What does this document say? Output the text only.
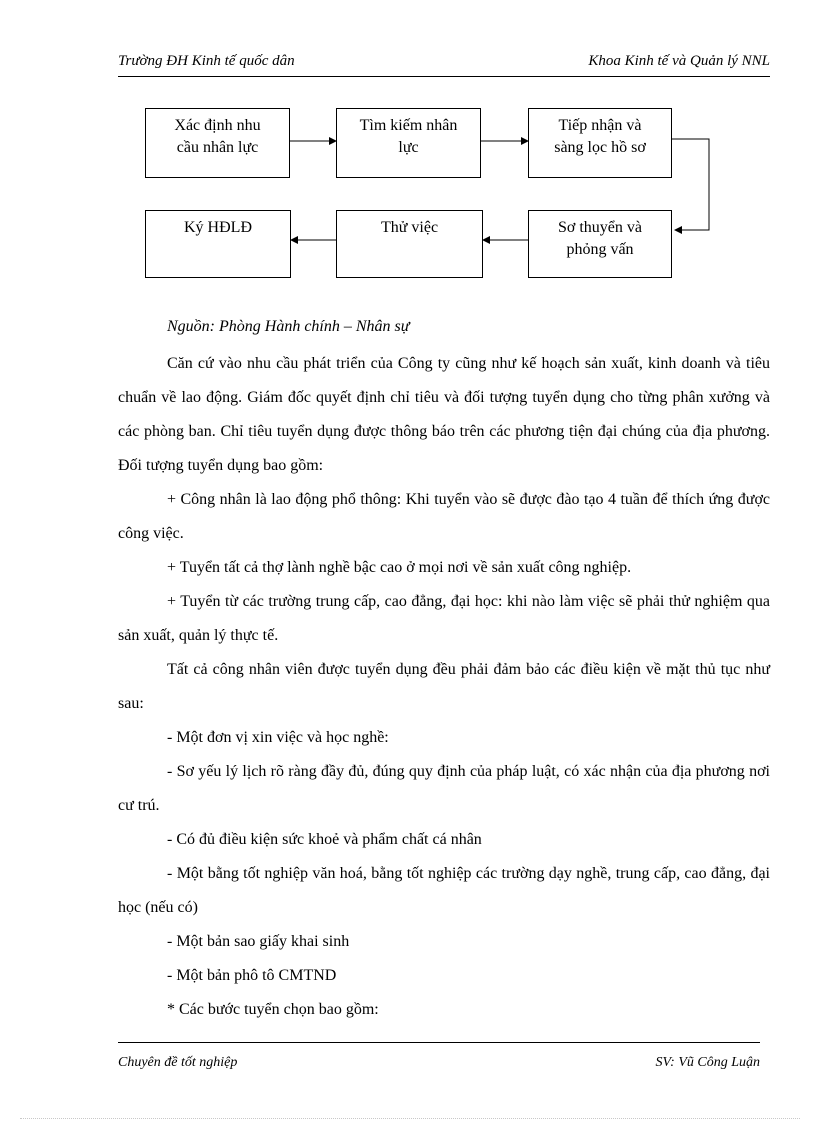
Trường ĐH Kinh tế quốc dân	Khoa Kinh tế và Quản lý NNL
Xác định nhu
cầu nhân lực
Tìm kiếm nhân
lực
Tiếp nhận và
sàng lọc hồ sơ
Sơ thuyển và
phỏng vấn
Thử việc
Ký HĐLĐ
Nguồn: Phòng Hành chính – Nhân sự

Căn cứ vào nhu cầu phát triển của Công ty cũng như kế hoạch sản xuất, kinh doanh và tiêu chuẩn về lao động. Giám đốc quyết định chỉ tiêu và đối tượng tuyển dụng cho từng phân xưởng và các phòng ban. Chỉ tiêu tuyển dụng được thông báo trên các phương tiện đại chúng của địa phương. Đối tượng tuyển dụng bao gồm:

+ Công nhân là lao động phổ thông: Khi tuyển vào sẽ được đào tạo 4 tuần để thích ứng được công việc.

+ Tuyển tất cả thợ lành nghề bậc cao ở mọi nơi về sản xuất công nghiệp.

+ Tuyển từ các trường trung cấp, cao đẳng, đại học: khi nào làm việc sẽ phải thử nghiệm qua sản xuất, quản lý thực tế.

Tất cả công nhân viên được tuyển dụng đều phải đảm bảo các điều kiện về mặt thủ tục như sau:

- Một đơn vị xin việc và học nghề:

- Sơ yếu lý lịch rõ ràng đầy đủ, đúng quy định của pháp luật, có xác nhận của địa phương nơi cư trú.

- Có đủ điều kiện sức khoẻ và phẩm chất cá nhân

- Một bằng tốt nghiệp văn hoá, bằng tốt nghiệp các trường dạy nghề, trung cấp, cao đẳng, đại học (nếu có)

- Một bản sao giấy khai sinh

- Một bản phô tô CMTND

* Các bước tuyển chọn bao gồm:

Chuyên đề tốt nghiệp	SV: Vũ Công Luận
